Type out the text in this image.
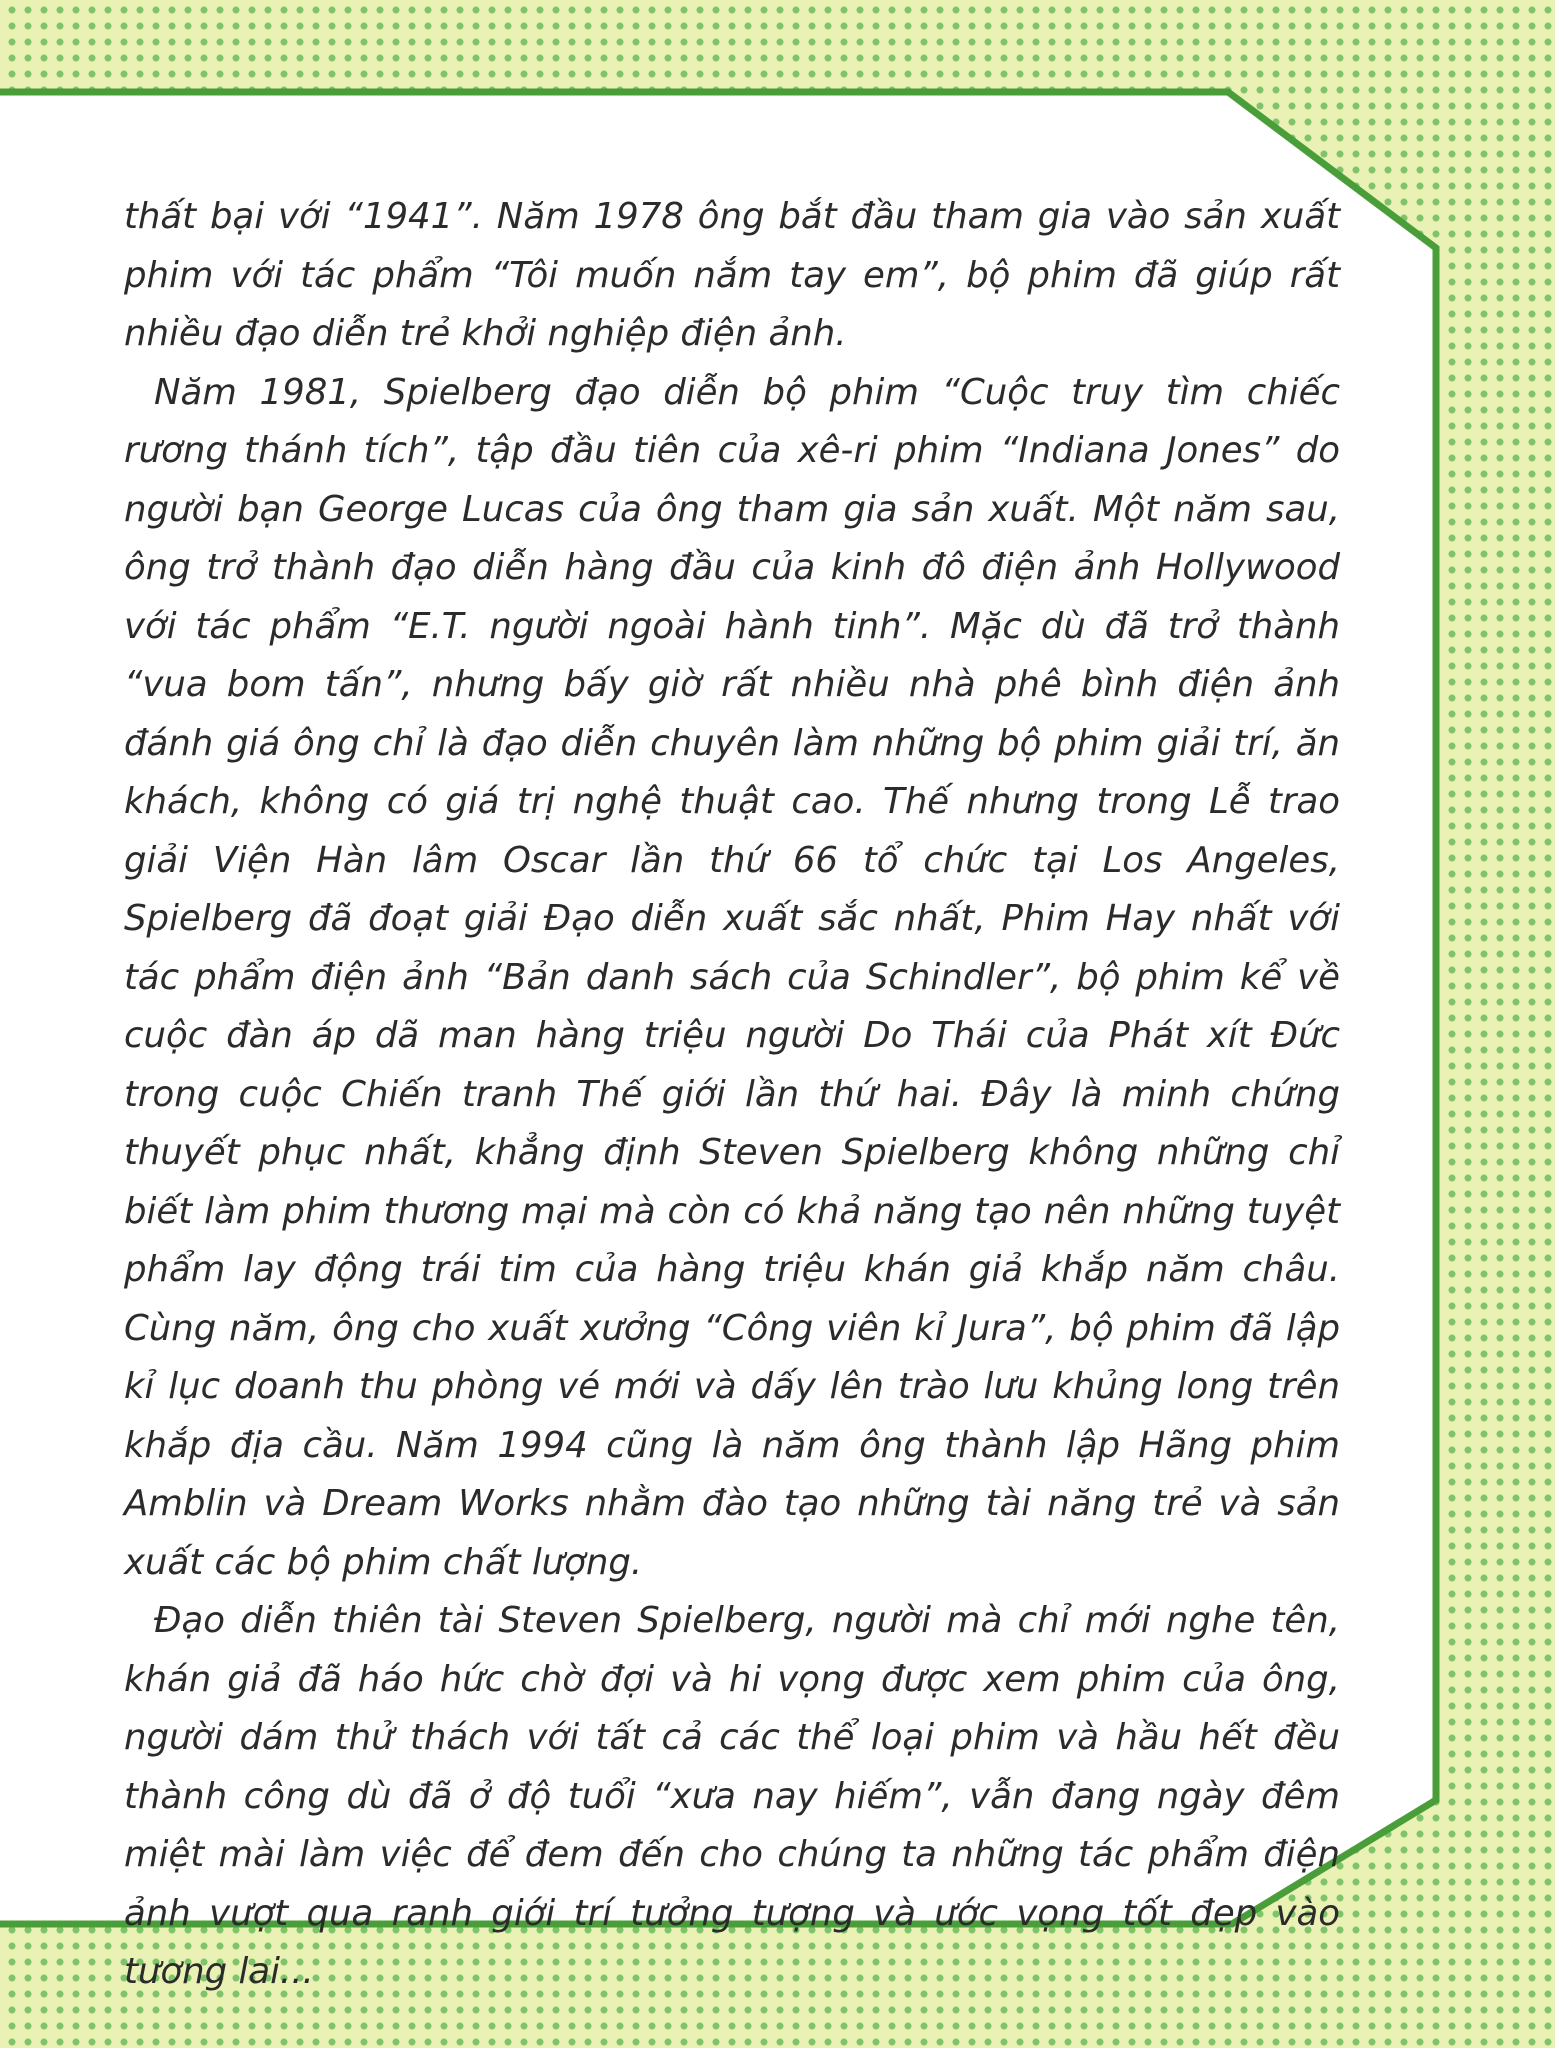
thất bại với “1941”. Năm 1978 ông bắt đầu tham gia vào sản xuất phim với tác phẩm “Tôi muốn nắm tay em”, bộ phim đã giúp rất nhiều đạo diễn trẻ khởi nghiệp điện ảnh.

Năm 1981, Spielberg đạo diễn bộ phim “Cuộc truy tìm chiếc rương thánh tích”, tập đầu tiên của xê-ri phim “Indiana Jones” do người bạn George Lucas của ông tham gia sản xuất. Một năm sau, ông trở thành đạo diễn hàng đầu của kinh đô điện ảnh Hollywood với tác phẩm “E.T. người ngoài hành tinh”. Mặc dù đã trở thành “vua bom tấn”, nhưng bấy giờ rất nhiều nhà phê bình điện ảnh đánh giá ông chỉ là đạo diễn chuyên làm những bộ phim giải trí, ăn khách, không có giá trị nghệ thuật cao. Thế nhưng trong Lễ trao giải Viện Hàn lâm Oscar lần thứ 66 tổ chức tại Los Angeles, Spielberg đã đoạt giải Đạo diễn xuất sắc nhất, Phim Hay nhất với tác phẩm điện ảnh “Bản danh sách của Schindler”, bộ phim kể về cuộc đàn áp dã man hàng triệu người Do Thái của Phát xít Đức trong cuộc Chiến tranh Thế giới lần thứ hai. Đây là minh chứng thuyết phục nhất, khẳng định Steven Spielberg không những chỉ biết làm phim thương mại mà còn có khả năng tạo nên những tuyệt phẩm lay động trái tim của hàng triệu khán giả khắp năm châu. Cùng năm, ông cho xuất xưởng “Công viên kỉ Jura”, bộ phim đã lập kỉ lục doanh thu phòng vé mới và dấy lên trào lưu khủng long trên khắp địa cầu. Năm 1994 cũng là năm ông thành lập Hãng phim Amblin và Dream Works nhằm đào tạo những tài năng trẻ và sản xuất các bộ phim chất lượng.

Đạo diễn thiên tài Steven Spielberg, người mà chỉ mới nghe tên, khán giả đã háo hức chờ đợi và hi vọng được xem phim của ông, người dám thử thách với tất cả các thể loại phim và hầu hết đều thành công dù đã ở độ tuổi “xưa nay hiếm”, vẫn đang ngày đêm miệt mài làm việc để đem đến cho chúng ta những tác phẩm điện ảnh vượt qua ranh giới trí tưởng tượng và ước vọng tốt đẹp vào tương lai...
